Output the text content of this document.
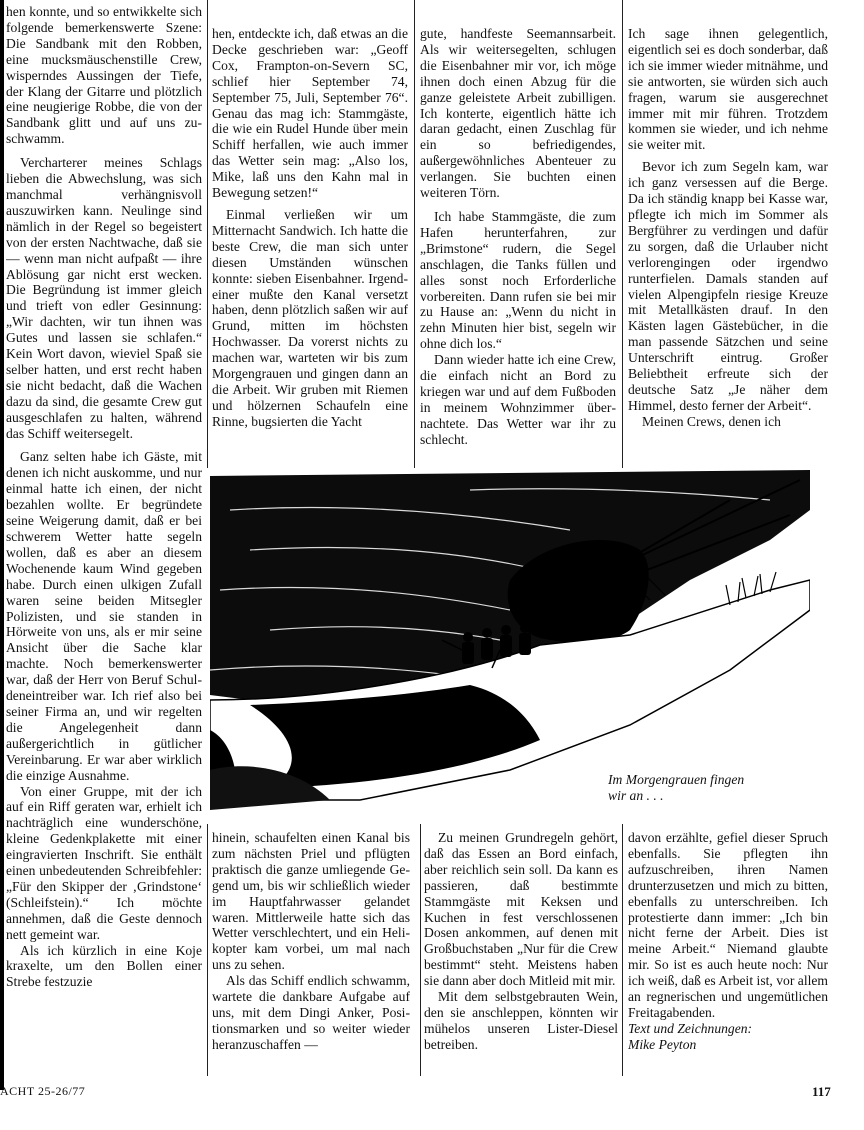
hen konnte, und so entwikkelte sich folgende bemerkenswerte Szene: Die Sandbank mit den Robben, eine mucksmäuschenstille Crew, wisperndes Aussingen der Tiefe, der Klang der Gitarre und plötzlich eine neugierige Robbe, die von der Sandbank glitt und auf uns zuschwamm.

Vercharterer meines Schlags lieben die Abwechslung, was sich manchmal verhängnisvoll auszuwirken kann. Neulinge sind nämlich in der Regel so begeistert von der ersten Nachtwache, daß sie — wenn man nicht aufpaßt — ihre Ablösung gar nicht erst wecken. Die Begründung ist immer gleich und trieft von edler Gesinnung: „Wir dachten, wir tun ihnen was Gutes und lassen sie schlafen.“ Kein Wort davon, wieviel Spaß sie selber hatten, und erst recht haben sie nicht bedacht, daß die Wachen dazu da sind, die gesamte Crew gut ausgeschlafen zu halten, während das Schiff weitersegelt.

Ganz selten habe ich Gäste, mit denen ich nicht auskomme, und nur einmal hatte ich einen, der nicht bezahlen wollte. Er begründete seine Weigerung damit, daß er bei schwerem Wetter hatte segeln wollen, daß es aber an diesem Wochenende kaum Wind gegeben habe. Durch einen ulkigen Zufall waren seine beiden Mitsegler Polizisten, und sie standen in Hörweite von uns, als er mir seine Ansicht über die Sache klar machte. Noch bemerkenswerter war, daß der Herr von Beruf Schuldeneintreiber war. Ich rief also bei seiner Firma an, und wir regelten die Angelegenheit dann außergerichtlich in gütlicher Vereinbarung. Er war aber wirklich die einzige Ausnahme.

Von einer Gruppe, mit der ich auf ein Riff geraten war, erhielt ich nachträglich eine wunderschöne, kleine Gedenkplakette mit einer eingravierten Inschrift. Sie enthält einen unbedeutenden Schreibfehler: „Für den Skipper der ‚Grindstone‘ (Schleifstein).“ Ich möchte annehmen, daß die Geste dennoch nett gemeint war.

Als ich kürzlich in eine Koje kraxelte, um den Bollen einer Strebe festzuzie

hen, entdeckte ich, daß etwas an die Decke geschrieben war: „Geoff Cox, Frampton-on-Severn SC, schlief hier September 74, September 75, Juli, September 76“. Genau das mag ich: Stammgäste, die wie ein Rudel Hunde über mein Schiff herfallen, wie auch immer das Wetter sein mag: „Also los, Mike, laß uns den Kahn mal in Bewegung setzen!“

Einmal verließen wir um Mitternacht Sandwich. Ich hatte die beste Crew, die man sich unter diesen Umständen wünschen konnte: sieben Eisenbahner. Irgendeiner mußte den Kanal versetzt haben, denn plötzlich saßen wir auf Grund, mitten im höchsten Hochwasser. Da vorerst nichts zu machen war, warteten wir bis zum Morgengrauen und gingen dann an die Arbeit. Wir gruben mit Riemen und hölzernen Schaufeln eine Rinne, bugsierten die Yacht

gute, handfeste Seemannsarbeit. Als wir weitersegelten, schlugen die Eisenbahner mir vor, ich möge ihnen doch einen Abzug für die ganze geleistete Arbeit zubilligen. Ich konterte, eigentlich hätte ich daran gedacht, einen Zuschlag für ein so befriedigendes, außergewöhnliches Abenteuer zu verlangen. Sie buchten einen weiteren Törn.

Ich habe Stammgäste, die zum Hafen herunterfahren, zur „Brimstone“ rudern, die Segel anschlagen, die Tanks füllen und alles sonst noch Erforderliche vorbereiten. Dann rufen sie bei mir zu Hause an: „Wenn du nicht in zehn Minuten hier bist, segeln wir ohne dich los.“

Dann wieder hatte ich eine Crew, die einfach nicht an Bord zu kriegen war und auf dem Fußboden in meinem Wohnzimmer übernachtete. Das Wetter war ihr zu schlecht.

Ich sage ihnen gelegentlich, eigentlich sei es doch sonderbar, daß ich sie immer wieder mitnähme, und sie antworten, sie würden sich auch fragen, warum sie ausgerechnet immer mit mir führen. Trotzdem kommen sie wieder, und ich nehme sie weiter mit.

Bevor ich zum Segeln kam, war ich ganz versessen auf die Berge. Da ich ständig knapp bei Kasse war, pflegte ich mich im Sommer als Bergführer zu verdingen und dafür zu sorgen, daß die Urlauber nicht verlorengingen oder irgendwo runterfielen. Damals standen auf vielen Alpengipfeln riesige Kreuze mit Metallkästen drauf. In den Kästen lagen Gästebücher, in die man passende Sätzchen und seine Unterschrift eintrug. Großer Beliebtheit erfreute sich der deutsche Satz „Je näher dem Himmel, desto ferner der Arbeit“.

Meinen Crews, denen ich

Im Morgengrauen fingen
wir an . . .

hinein, schaufelten einen Kanal bis zum nächsten Priel und pflügten praktisch die ganze umliegende Gegend um, bis wir schließlich wieder im Hauptfahrwasser gelandet waren. Mittlerweile hatte sich das Wetter verschlechtert, und ein Helikopter kam vorbei, um mal nach uns zu sehen.

Als das Schiff endlich schwamm, wartete die dankbare Aufgabe auf uns, mit dem Dingi Anker, Positionsmarken und so weiter wieder heranzuschaffen —

Zu meinen Grundregeln gehört, daß das Essen an Bord einfach, aber reichlich sein soll. Da kann es passieren, daß bestimmte Stammgäste mit Keksen und Kuchen in fest verschlossenen Dosen ankommen, auf denen mit Großbuchstaben „Nur für die Crew bestimmt“ steht. Meistens haben sie dann aber doch Mitleid mit mir.

Mit dem selbstgebrauten Wein, den sie anschleppen, könnten wir mühelos unseren Lister-Diesel betreiben.

davon erzählte, gefiel dieser Spruch ebenfalls. Sie pflegten ihn aufzuschreiben, ihren Namen drunterzusetzen und mich zu bitten, ebenfalls zu unterschreiben. Ich protestierte dann immer: „Ich bin nicht ferne der Arbeit. Dies ist meine Arbeit.“ Niemand glaubte mir. So ist es auch heute noch: Nur ich weiß, daß es Arbeit ist, vor allem an regnerischen und ungemütlichen Freitagabenden.

Text und Zeichnungen:

Mike Peyton

ACHT 25-26/77	117
